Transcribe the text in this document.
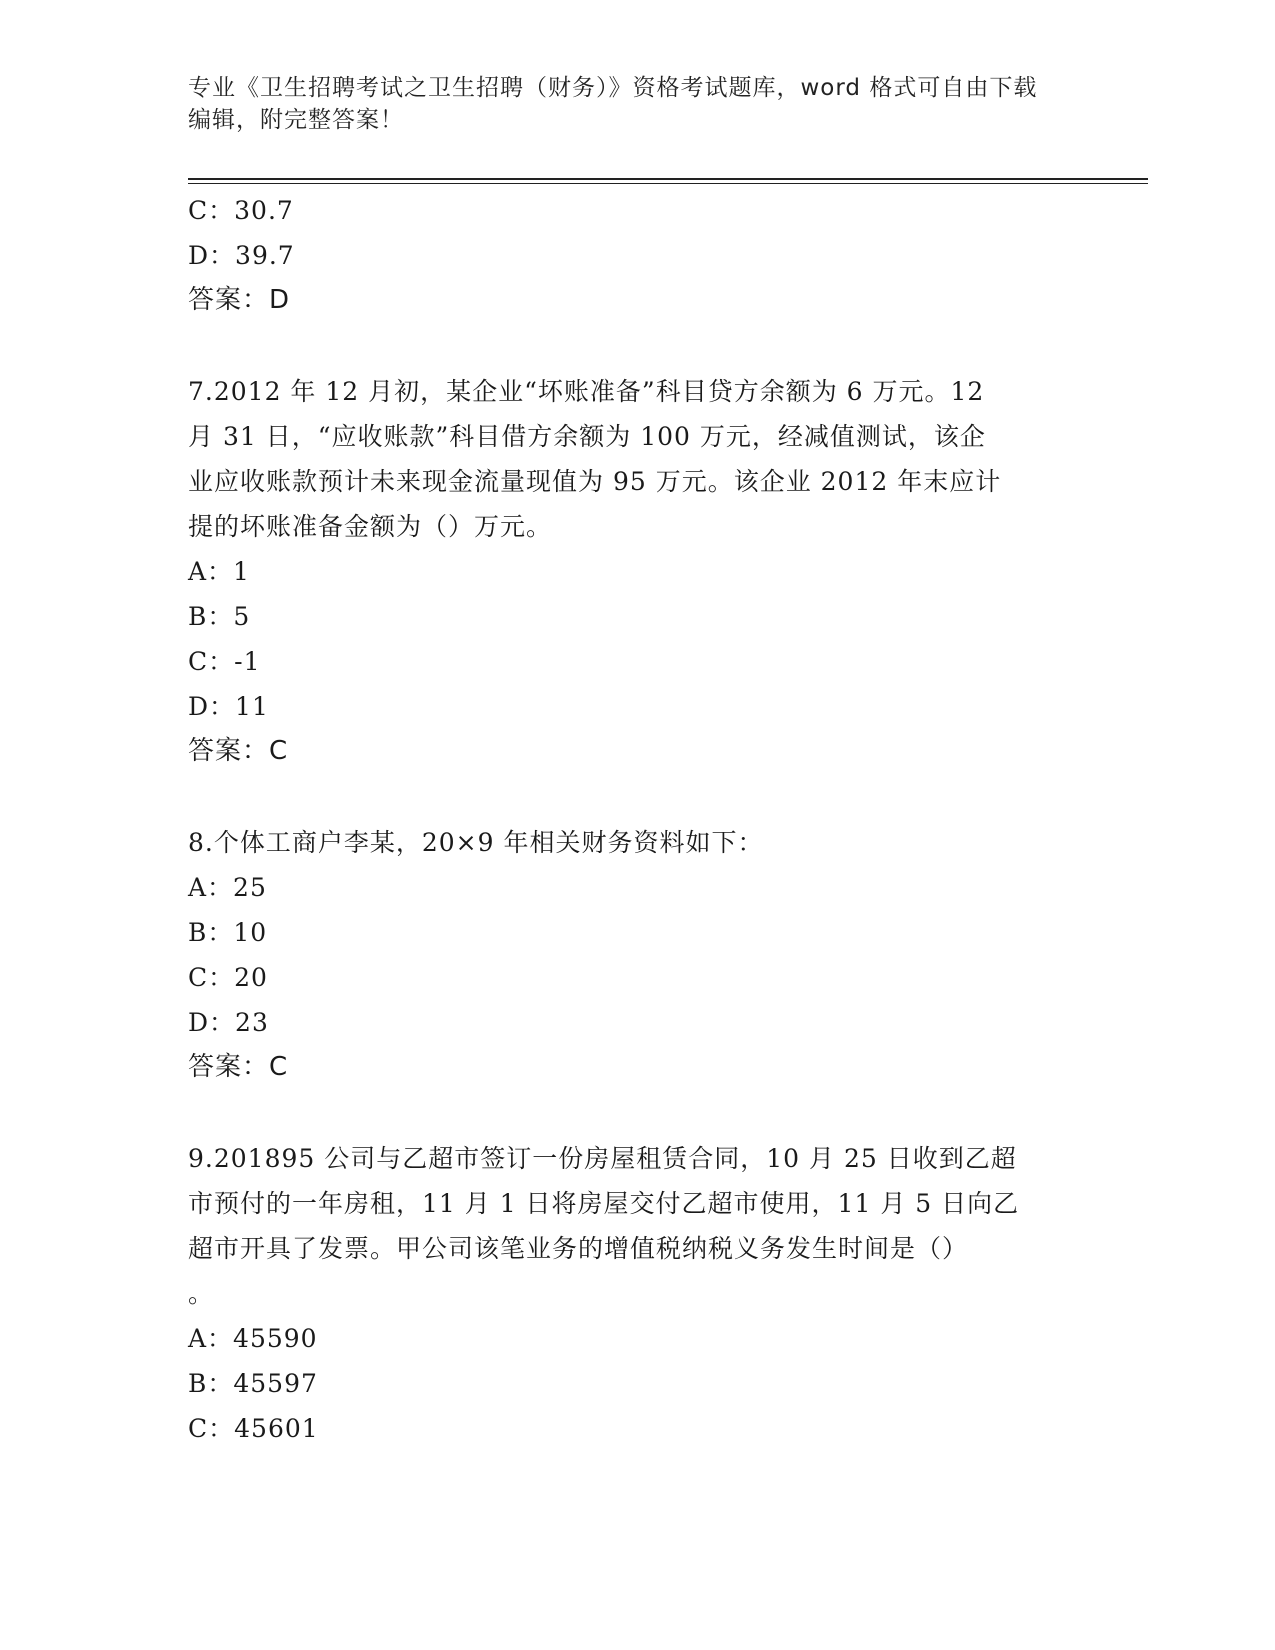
专业《卫生招聘考试之卫生招聘（财务）》资格考试题库，word 格式可自由下载
编辑，附完整答案！
C：30.7
D：39.7
答案：D
7.2012 年 12 月初，某企业“坏账准备”科目贷方余额为 6 万元。12
月 31 日，“应收账款”科目借方余额为 100 万元，经减值测试，该企
业应收账款预计未来现金流量现值为 95 万元。该企业 2012 年末应计
提的坏账准备金额为（）万元。
A：1
B：5
C：-1
D：11
答案：C
8.个体工商户李某，20×9 年相关财务资料如下：
A：25
B：10
C：20
D：23
答案：C
9.201895 公司与乙超市签订一份房屋租赁合同，10 月 25 日收到乙超
市预付的一年房租，11 月 1 日将房屋交付乙超市使用，11 月 5 日向乙
超市开具了发票。甲公司该笔业务的增值税纳税义务发生时间是（）
。
A：45590
B：45597
C：45601
